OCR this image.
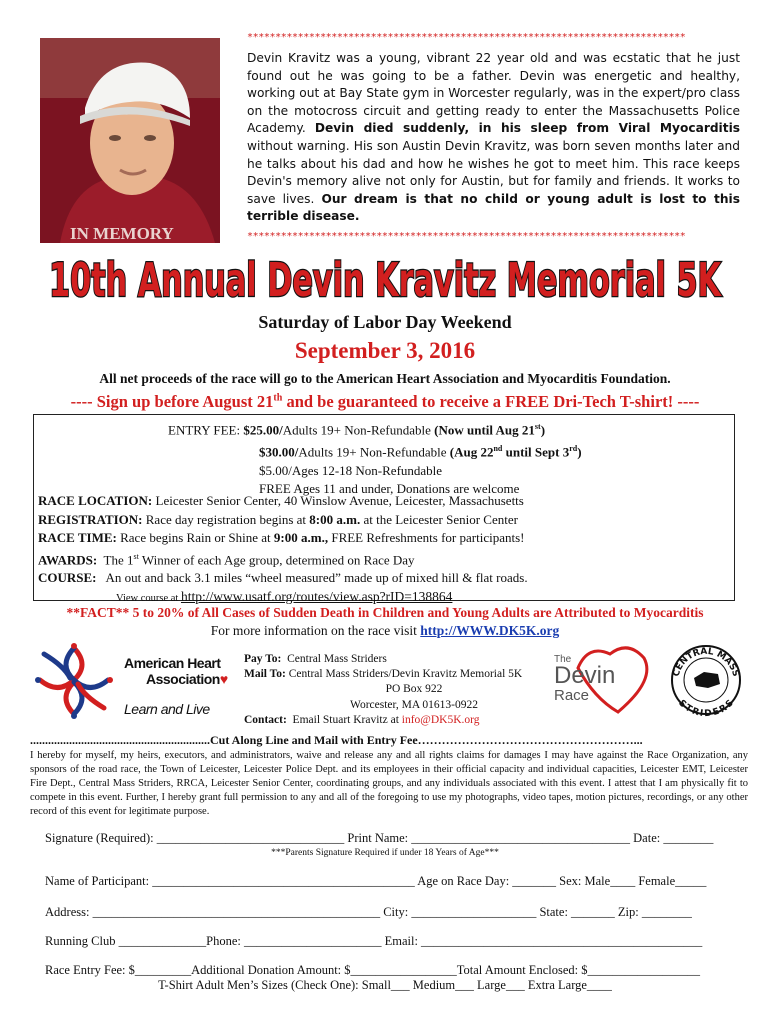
******************************************************************************
IN MEMORY
Devin Kravitz was a young, vibrant 22 year old and was ecstatic that he just found out he was going to be a father. Devin was energetic and healthy, working out at Bay State gym in Worcester regularly, was in the expert/pro class on the motocross circuit and getting ready to enter the Massachusetts Police Academy. Devin died suddenly, in his sleep from Viral Myocarditis without warning. His son Austin Devin Kravitz, was born seven months later and he talks about his dad and how he wishes he got to meet him. This race keeps Devin's memory alive not only for Austin, but for family and friends. It works to save lives. Our dream is that no child or young adult is lost to this terrible disease.
******************************************************************************
10th Annual Devin Kravitz Memorial 5K
Saturday of Labor Day Weekend
September 3, 2016
All net proceeds of the race will go to the American Heart Association and Myocarditis Foundation.
---- Sign up before August 21th and be guaranteed to receive a FREE Dri-Tech T-shirt! ----
ENTRY FEE: $25.00/Adults 19+ Non-Refundable (Now until Aug 21st)
$30.00/Adults 19+ Non-Refundable (Aug 22nd until Sept 3rd)
$5.00/Ages 12-18 Non-Refundable
FREE Ages 11 and under, Donations are welcome
RACE LOCATION: Leicester Senior Center, 40 Winslow Avenue, Leicester, Massachusetts
REGISTRATION: Race day registration begins at 8:00 a.m. at the Leicester Senior Center
RACE TIME: Race begins Rain or Shine at 9:00 a.m., FREE Refreshments for participants!
AWARDS:  The 1st Winner of each Age group, determined on Race Day
COURSE:   An out and back 3.1 miles “wheel measured” made up of mixed hill & flat roads.
View course at http://www.usatf.org/routes/view.asp?rID=138864
**FACT** 5 to 20% of All Cases of Sudden Death in Children and Young Adults are Attributed to Myocarditis
For more information on the race visit http://WWW.DK5K.org
American Heart
Association♥
Learn and Live
Pay To:  Central Mass Striders
Mail To: Central Mass Striders/Devin Kravitz Memorial 5K
PO Box 922
Worcester, MA 01613-0922
Contact:  Email Stuart Kravitz at info@DK5K.org
The
Devin
Race
CENTRAL MASS
STRIDERS
............................................................Cut Along Line and Mail with Entry Fee………………………………………………...
I hereby for myself, my heirs, executors, and administrators, waive and release any and all rights claims for damages I may have against the Race Organization, any sponsors of the road race, the Town of Leicester, Leicester Police Dept. and its employees in their official capacity and individual capacities, Leicester EMT, Leicester Fire Dept., Central Mass Striders, RRCA, Leicester Senior Center, coordinating groups, and any individuals associated with this event. I attest that I am physically fit to compete in this event. Further, I hereby grant full permission to any and all of the foregoing to use my photographs, video tapes, motion pictures, recordings, or any other record of this event for legitimate purpose.
Signature (Required): ______________________________ Print Name: ___________________________________ Date: ________
***Parents Signature Required if under 18 Years of Age***
Name of Participant: __________________________________________ Age on Race Day: _______ Sex: Male____ Female_____
Address: ______________________________________________ City: ____________________ State: _______ Zip: ________
Running Club ______________Phone: ______________________ Email: _____________________________________________
Race Entry Fee: $_________Additional Donation Amount: $_________________Total Amount Enclosed: $__________________
T-Shirt Adult Men’s Sizes (Check One): Small___ Medium___ Large___ Extra Large____
